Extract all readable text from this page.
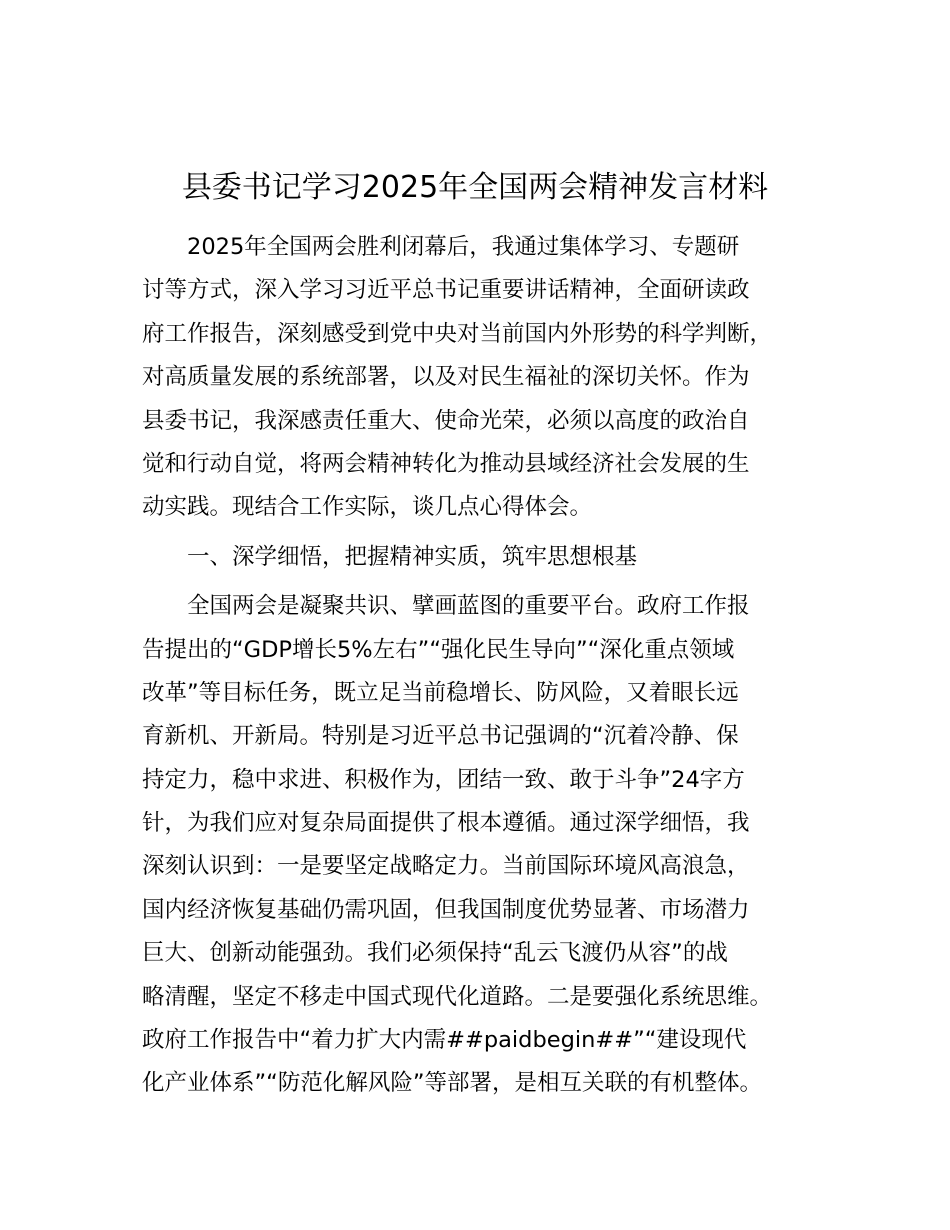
县委书记学习2025年全国两会精神发言材料
2025年全国两会胜利闭幕后，我通过集体学习、专题研
讨等方式，深入学习习近平总书记重要讲话精神，全面研读政
府工作报告，深刻感受到党中央对当前国内外形势的科学判断，
对高质量发展的系统部署，以及对民生福祉的深切关怀。作为
县委书记，我深感责任重大、使命光荣，必须以高度的政治自
觉和行动自觉，将两会精神转化为推动县域经济社会发展的生
动实践。现结合工作实际，谈几点心得体会。
一、深学细悟，把握精神实质，筑牢思想根基
全国两会是凝聚共识、擘画蓝图的重要平台。政府工作报
告提出的“GDP增长5%左右”“强化民生导向”“深化重点领域
改革”等目标任务，既立足当前稳增长、防风险，又着眼长远
育新机、开新局。特别是习近平总书记强调的“沉着冷静、保
持定力，稳中求进、积极作为，团结一致、敢于斗争”24字方
针，为我们应对复杂局面提供了根本遵循。通过深学细悟，我
深刻认识到：一是要坚定战略定力。当前国际环境风高浪急，
国内经济恢复基础仍需巩固，但我国制度优势显著、市场潜力
巨大、创新动能强劲。我们必须保持“乱云飞渡仍从容”的战
略清醒，坚定不移走中国式现代化道路。二是要强化系统思维。
政府工作报告中“着力扩大内需##paidbegin##”“建设现代
化产业体系”“防范化解风险”等部署，是相互关联的有机整体。
